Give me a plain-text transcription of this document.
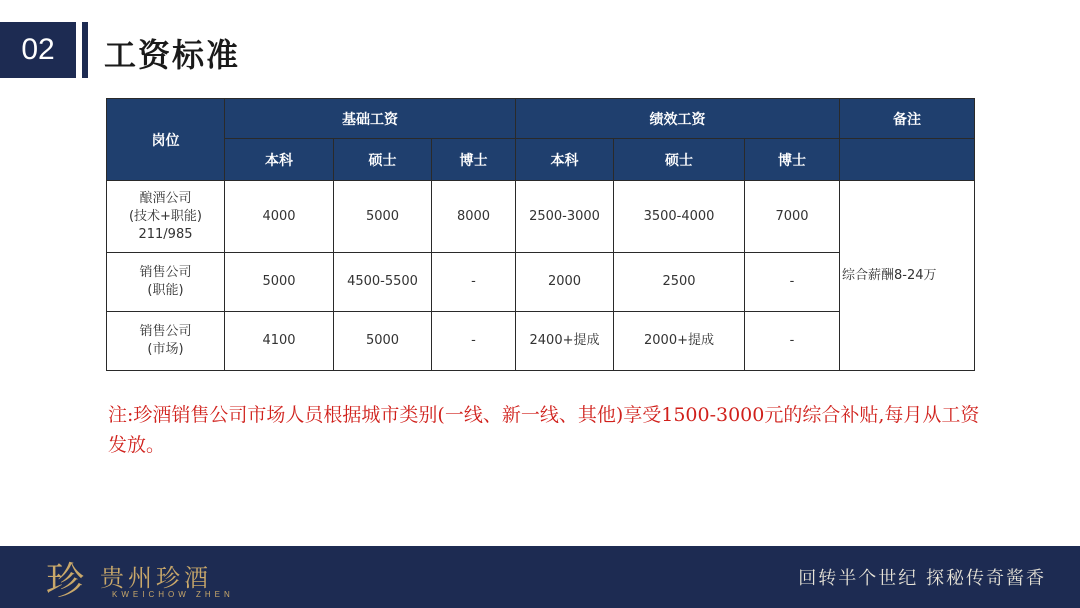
02	工资标准
岗位	基础工资			绩效工资			备注
	本科	硕士	博士	本科	硕士	博士	

酿酒公司
(技术+职能)
211/985	4000	5000	8000	2500-3000	3500-4000	7000	综合薪酬8-24万

销售公司
(职能)	5000	4500-5500	-	2000	2500	-	

销售公司
(市场)	4100	5000	-	2400+提成	2000+提成	-	
注:珍酒销售公司市场人员根据城市类别(一线、新一线、其他)享受1500-3000元的综合补贴,每月从工资发放。
珍 贵州珍酒
KWEICHOW ZHEN
回转半个世纪 探秘传奇酱香
